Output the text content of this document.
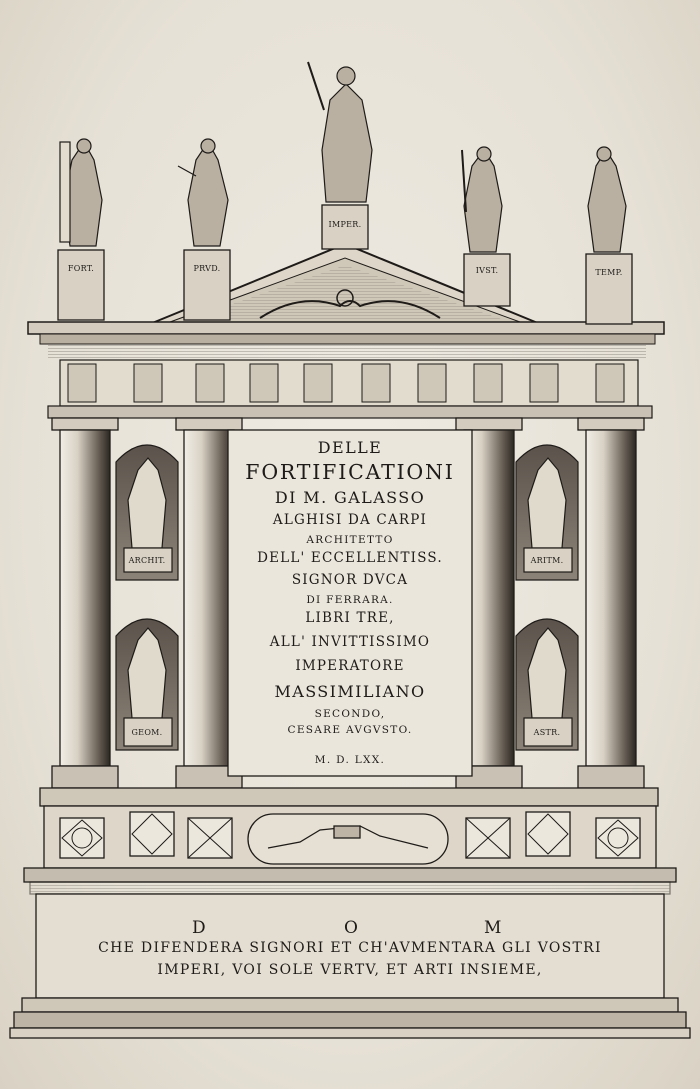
FORT.	PRVD.
IMPER.
IVST.	TEMP.
ARCHIT.
GEOM.
ARITM.
ASTR.
DELLE
FORTIFICATIONI
DI M. GALASSO
ALGHISI DA CARPI
ARCHITETTO
DELL' ECCELLENTISS.
SIGNOR DVCA
DI FERRARA.
LIBRI TRE,
ALL' INVITTISSIMO
IMPERATORE
MASSIMILIANO
SECONDO,
CESARE AVGVSTO.
M. D. LXX.
D	O	M
CHE DIFENDERA SIGNORI ET CH'AVMENTARA GLI VOSTRI
IMPERI, VOI SOLE VERTV, ET ARTI INSIEME,
